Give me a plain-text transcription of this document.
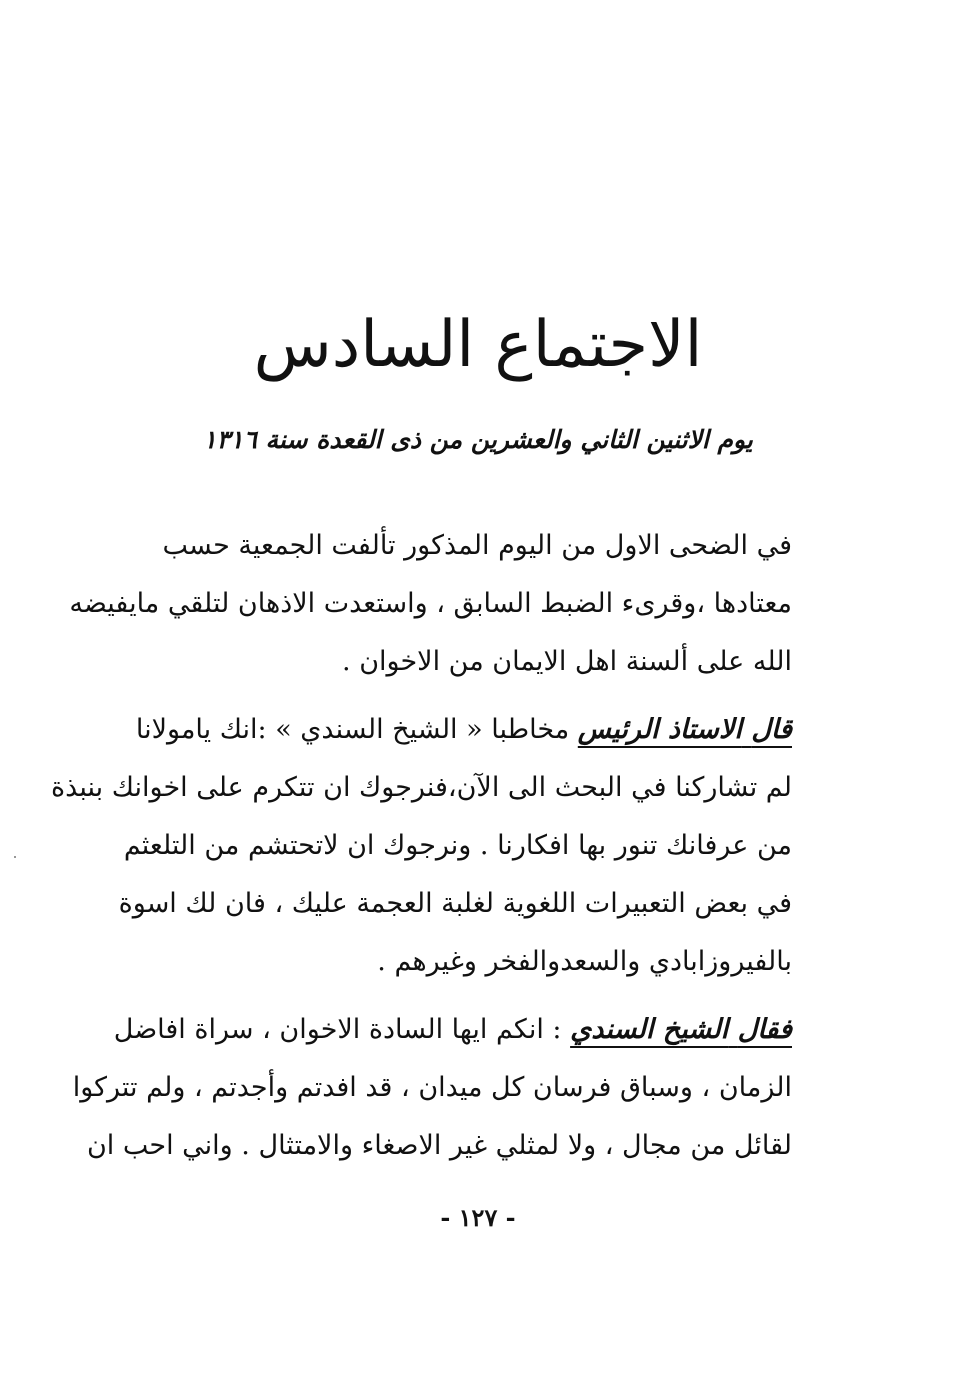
الاجتماع السادس
يوم الاثنين الثاني والعشرين من ذى القعدة سنة ١٣١٦

في الضحى الاول من اليوم المذكور تألفت الجمعية حسب

معتادها ،وقرىء الضبط السابق ، واستعدت الاذهان لتلقي مايفيضه

الله على ألسنة اهل الايمان من الاخوان .

قال الاستاذ الرئيس مخاطبا « الشيخ السندي » :انك يامولانا

لم تشاركنا في البحث الى الآن،فنرجوك ان تتكرم على اخوانك بنبذة

من عرفانك تنور بها افكارنا . ونرجوك ان لاتحتشم من التلعثم

في بعض التعبيرات اللغوية لغلبة العجمة عليك ، فان لك اسوة

بالفيروزابادي والسعدوالفخر وغيرهم .

فقال الشيخ السندي : انكم ايها السادة الاخوان ، سراة افاضل

الزمان ، وسباق فرسان كل ميدان ، قد افدتم وأجدتم ، ولم تتركوا

لقائل من مجال ، ولا لمثلي غير الاصغاء والامتثال . واني احب ان

- ١٢٧ -
